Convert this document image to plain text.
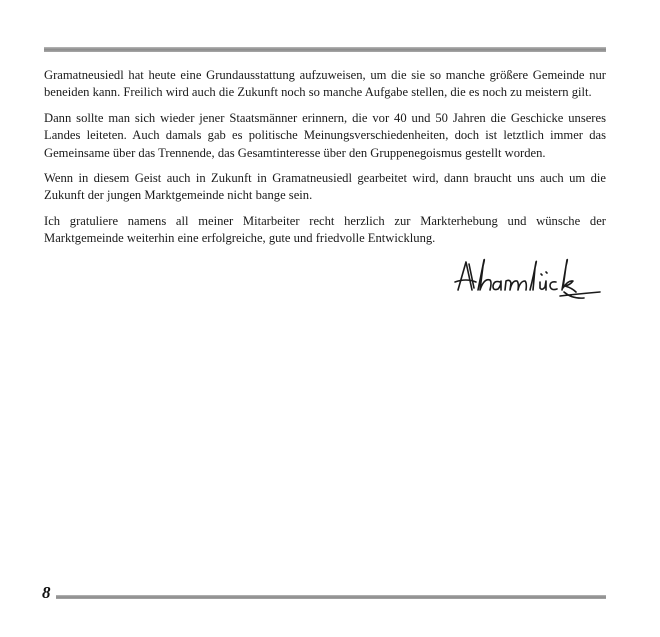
Gramatneusiedl hat heute eine Grundausstattung aufzuweisen, um die sie so manche größere Gemeinde nur beneiden kann. Freilich wird auch die Zukunft noch so manche Aufgabe stellen, die es noch zu meistern gilt.

Dann sollte man sich wieder jener Staatsmänner erinnern, die vor 40 und 50 Jahren die Geschicke unseres Landes leiteten. Auch damals gab es politische Meinungsverschiedenheiten, doch ist letztlich immer das Gemeinsame über das Trennende, das Gesamtinteresse über den Gruppenegoismus gestellt worden.

Wenn in diesem Geist auch in Zukunft in Gramatneusiedl gearbeitet wird, dann braucht uns auch um die Zukunft der jungen Marktgemeinde nicht bange sein.

Ich gratuliere namens all meiner Mitarbeiter recht herzlich zur Markterhebung und wünsche der Marktgemeinde weiterhin eine erfolgreiche, gute und friedvolle Entwicklung.

8
